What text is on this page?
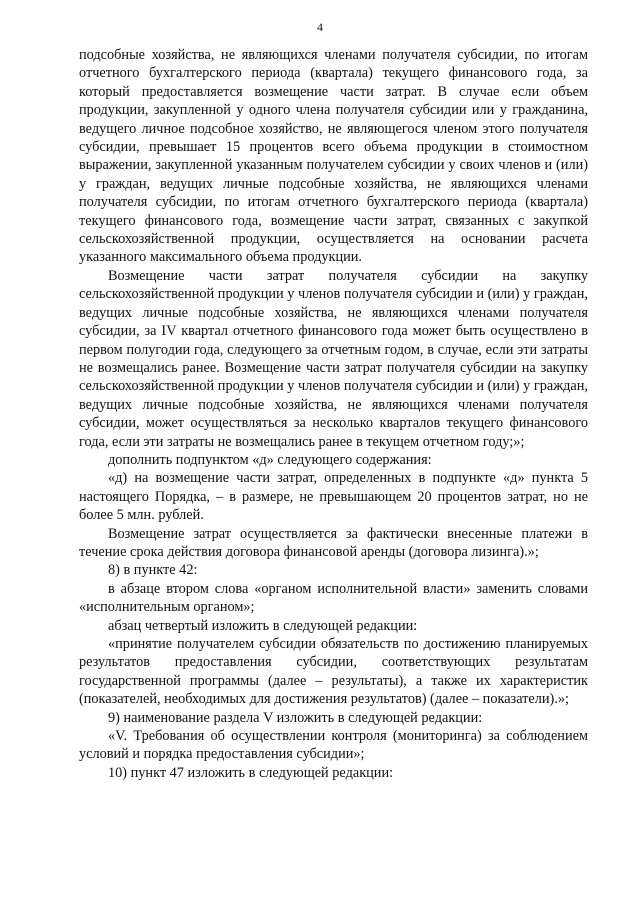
4

подсобные хозяйства, не являющихся членами получателя субсидии, по итогам отчетного бухгалтерского периода (квартала) текущего финансового года, за который предоставляется возмещение части затрат. В случае если объем продукции, закупленной у одного члена получателя субсидии или у гражданина, ведущего личное подсобное хозяйство, не являющегося членом этого получателя субсидии, превышает 15 процентов всего объема продукции в стоимостном выражении, закупленной указанным получателем субсидии у своих членов и (или) у граждан, ведущих личные подсобные хозяйства, не являющихся членами получателя субсидии, по итогам отчетного бухгалтерского периода (квартала) текущего финансового года, возмещение части затрат, связанных с закупкой сельскохозяйственной продукции, осуществляется на основании расчета указанного максимального объема продукции.

Возмещение части затрат получателя субсидии на закупку сельскохозяйственной продукции у членов получателя субсидии и (или) у граждан, ведущих личные подсобные хозяйства, не являющихся членами получателя субсидии, за IV квартал отчетного финансового года может быть осуществлено в первом полугодии года, следующего за отчетным годом, в случае, если эти затраты не возмещались ранее. Возмещение части затрат получателя субсидии на закупку сельскохозяйственной продукции у членов получателя субсидии и (или) у граждан, ведущих личные подсобные хозяйства, не являющихся членами получателя субсидии, может осуществляться за несколько кварталов текущего финансового года, если эти затраты не возмещались ранее в текущем отчетном году;»;

дополнить подпунктом «д» следующего содержания:

«д) на возмещение части затрат, определенных в подпункте «д» пункта 5 настоящего Порядка, – в размере, не превышающем 20 процентов затрат, но не более 5 млн. рублей.

Возмещение затрат осуществляется за фактически внесенные платежи в течение срока действия договора финансовой аренды (договора лизинга).»;

8) в пункте 42:

в абзаце втором слова «органом исполнительной власти» заменить словами «исполнительным органом»;

абзац четвертый изложить в следующей редакции:

«принятие получателем субсидии обязательств по достижению планируемых результатов предоставления субсидии, соответствующих результатам государственной программы (далее – результаты), а также их характеристик (показателей, необходимых для достижения результатов) (далее – показатели).»;

9) наименование раздела V изложить в следующей редакции:

«V. Требования об осуществлении контроля (мониторинга) за соблюдением условий и порядка предоставления субсидии»;

10) пункт 47 изложить в следующей редакции:
